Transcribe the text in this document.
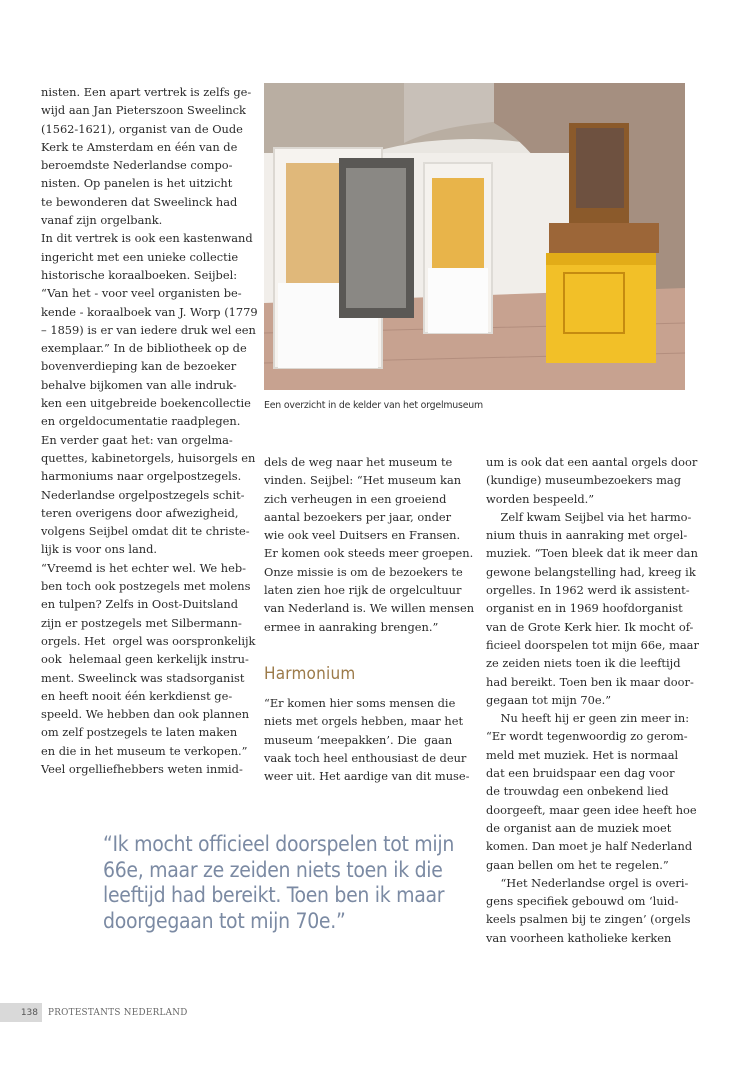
nisten. Een apart vertrek is zelfs ge-
wijd aan Jan Pieterszoon Sweelinck
(1562-1621), organist van de Oude
Kerk te Amsterdam en één van de
beroemdste Nederlandse compo-
nisten. Op panelen is het uitzicht
te bewonderen dat Sweelinck had
vanaf zijn orgelbank.
In dit vertrek is ook een kastenwand
ingericht met een unieke collectie
historische koraalboeken. Seijbel:
“Van het - voor veel organisten be-
kende - koraalboek van J. Worp (1779
– 1859) is er van iedere druk wel een
exemplaar.” In de bibliotheek op de
bovenverdieping kan de bezoeker
behalve bijkomen van alle indruk-
ken een uitgebreide boekencollectie
en orgeldocumentatie raadplegen.
En verder gaat het: van orgelma-
quettes, kabinetorgels, huisorgels en
harmoniums naar orgelpostzegels.
Nederlandse orgelpostzegels schit-
teren overigens door afwezigheid,
volgens Seijbel omdat dit te christe-
lijk is voor ons land.
“Vreemd is het echter wel. We heb-
ben toch ook postzegels met molens
en tulpen? Zelfs in Oost-Duitsland
zijn er postzegels met Silbermann-
orgels. Het  orgel was oorspronkelijk
ook  helemaal geen kerkelijk instru-
ment. Sweelinck was stadsorganist
en heeft nooit één kerkdienst ge-
speeld. We hebben dan ook plannen
om zelf postzegels te laten maken
en die in het museum te verkopen.”
Veel orgelliefhebbers weten inmid-
Een overzicht in de kelder van het orgelmuseum
dels de weg naar het museum te
vinden. Seijbel: “Het museum kan
zich verheugen in een groeiend
aantal bezoekers per jaar, onder
wie ook veel Duitsers en Fransen.
Er komen ook steeds meer groepen.
Onze missie is om de bezoekers te
laten zien hoe rijk de orgelcultuur
van Nederland is. We willen mensen
ermee in aanraking brengen.”
Harmonium
“Er komen hier soms mensen die
niets met orgels hebben, maar het
museum ‘meepakken’. Die  gaan
vaak toch heel enthousiast de deur
weer uit. Het aardige van dit muse-
um is ook dat een aantal orgels door
(kundige) museumbezoekers mag
worden bespeeld.”
Zelf kwam Seijbel via het harmo-
nium thuis in aanraking met orgel-
muziek. “Toen bleek dat ik meer dan
gewone belangstelling had, kreeg ik
orgelles. In 1962 werd ik assistent-
organist en in 1969 hoofdorganist
van de Grote Kerk hier. Ik mocht of-
ficieel doorspelen tot mijn 66e, maar
ze zeiden niets toen ik die leeftijd
had bereikt. Toen ben ik maar door-
gegaan tot mijn 70e.”
Nu heeft hij er geen zin meer in:
“Er wordt tegenwoordig zo gerom-
meld met muziek. Het is normaal
dat een bruidspaar een dag voor
de trouwdag een onbekend lied
doorgeeft, maar geen idee heeft hoe
de organist aan de muziek moet
komen. Dan moet je half Nederland
gaan bellen om het te regelen.”
“Het Nederlandse orgel is overi-
gens specifiek gebouwd om ‘luid-
keels psalmen bij te zingen’ (orgels
van voorheen katholieke kerken
“Ik mocht officieel doorspelen tot mijn
66e, maar ze zeiden niets toen ik die
leeftijd had bereikt. Toen ben ik maar
doorgegaan tot mijn 70e.”
138	PROTESTANTS NEDERLAND
